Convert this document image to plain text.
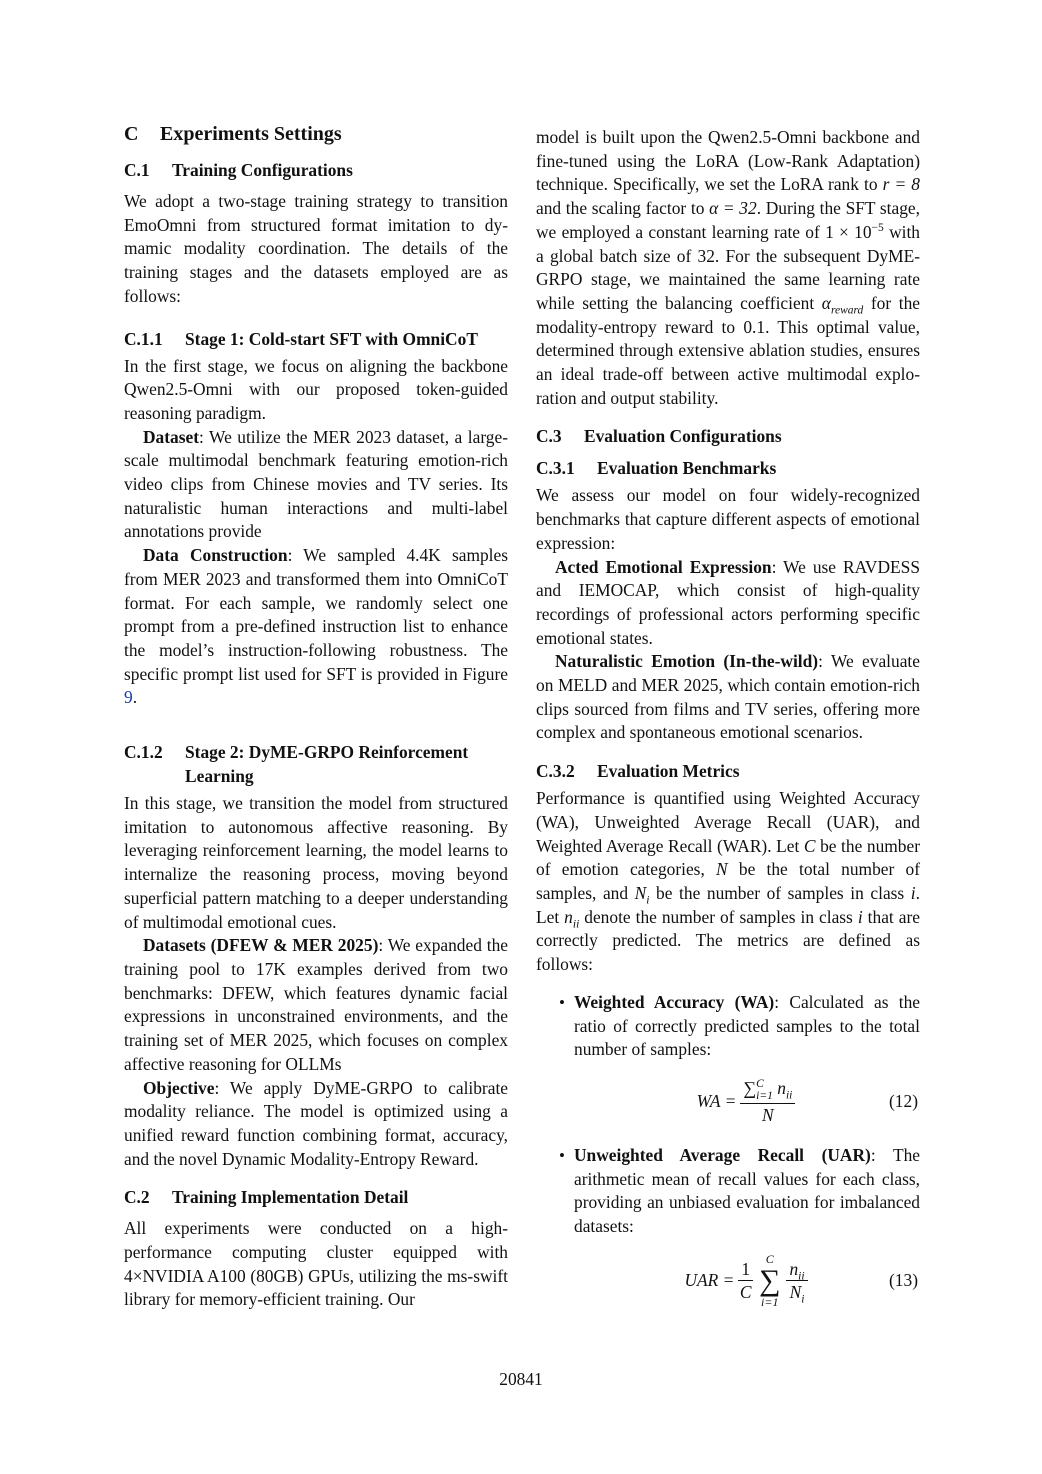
C Experiments Settings
C.1 Training Configurations

We adopt a two-stage training strategy to transition EmoOmni from structured format imitation to dymamic modality coordination. The details of the training stages and the datasets employed are as follows:

C.1.1	Stage 1: Cold-start SFT with OmniCoT

In the first stage, we focus on aligning the backbone Qwen2.5-Omni with our proposed token-guided reasoning paradigm.

Dataset: We utilize the MER 2023 dataset, a large-scale multimodal benchmark featuring emotion-rich video clips from Chinese movies and TV series. Its naturalistic human interactions and multi-label annotations provide

Data Construction: We sampled 4.4K samples from MER 2023 and transformed them into OmniCoT format. For each sample, we randomly select one prompt from a pre-defined instruction list to enhance the model’s instruction-following robustness. The specific prompt list used for SFT is provided in Figure 9.

C.1.2	Stage 2: DyME-GRPO Reinforcement Learning

In this stage, we transition the model from structured imitation to autonomous affective reasoning. By leveraging reinforcement learning, the model learns to internalize the reasoning process, moving beyond superficial pattern matching to a deeper understanding of multimodal emotional cues.

Datasets (DFEW & MER 2025): We expanded the training pool to 17K examples derived from two benchmarks: DFEW, which features dynamic facial expressions in unconstrained environments, and the training set of MER 2025, which focuses on complex affective reasoning for OLLMs

Objective: We apply DyME-GRPO to calibrate modality reliance. The model is optimized using a unified reward function combining format, accuracy, and the novel Dynamic Modality-Entropy Reward.

C.2 Training Implementation Detail

All experiments were conducted on a high-performance computing cluster equipped with 4×NVIDIA A100 (80GB) GPUs, utilizing the ms-swift library for memory-efficient training. Our

model is built upon the Qwen2.5-Omni backbone and fine-tuned using the LoRA (Low-Rank Adaptation) technique. Specifically, we set the LoRA rank to r = 8 and the scaling factor to α = 32. During the SFT stage, we employed a constant learning rate of $1 \times 10^{-5}$ with a global batch size of 32. For the subsequent DyME-GRPO stage, we maintained the same learning rate while setting the balancing coefficient $\alpha_{reward}$ for the modality-entropy reward to 0.1. This optimal value, determined through extensive ablation studies, ensures an ideal trade-off between active multimodal exploration and output stability.

C.3 Evaluation Configurations
C.3.1	Evaluation Benchmarks

We assess our model on four widely-recognized benchmarks that capture different aspects of emotional expression:

Acted Emotional Expression: We use RAVDESS and IEMOCAP, which consist of high-quality recordings of professional actors performing specific emotional states.

Naturalistic Emotion (In-the-wild): We evaluate on MELD and MER 2025, which contain emotion-rich clips sourced from films and TV series, offering more complex and spontaneous emotional scenarios.

C.3.2	Evaluation Metrics

Performance is quantified using Weighted Accuracy (WA), Unweighted Average Recall (UAR), and Weighted Average Recall (WAR). Let C be the number of emotion categories, N be the total number of samples, and $N_i$ be the number of samples in class i. Let $n_{ii}$ denote the number of samples in class i that are correctly predicted. The metrics are defined as follows:

• Weighted Accuracy (WA): Calculated as the ratio of correctly predicted samples to the total number of samples:
WA = ∑ C
i=1 $n_{ii}$
N	(12)
• Unweighted Average Recall (UAR): The arithmetic mean of recall values for each class, providing an unbiased evaluation for imbalanced datasets:
UAR = $\frac{1}{C}$
C
∑
$i=1 \frac{n_{ii}}{N_i}$	(13)
20841
